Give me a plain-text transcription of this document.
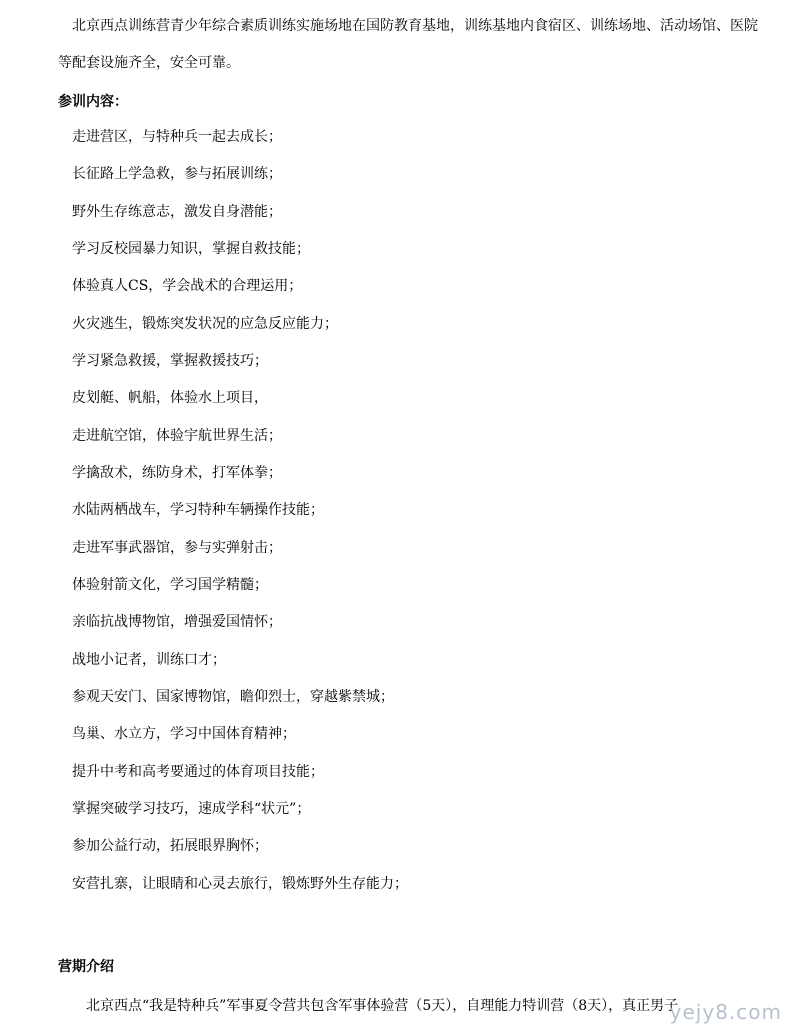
北京西点训练营青少年综合素质训练实施场地在国防教育基地，训练基地内食宿区、训练场地、活动场馆、医院等配套设施齐全，安全可靠。

参训内容：
走进营区，与特种兵一起去成长；
长征路上学急救，参与拓展训练；
野外生存练意志，激发自身潜能；
学习反校园暴力知识，掌握自救技能；
体验真人CS，学会战术的合理运用；
火灾逃生，锻炼突发状况的应急反应能力；
学习紧急救援，掌握救援技巧；
皮划艇、帆船，体验水上项目，
走进航空馆，体验宇航世界生活；
学擒敌术，练防身术，打军体拳；
水陆两栖战车，学习特种车辆操作技能；
走进军事武器馆，参与实弹射击；
体验射箭文化，学习国学精髓；
亲临抗战博物馆，增强爱国情怀；
战地小记者，训练口才；
参观天安门、国家博物馆，瞻仰烈士，穿越紫禁城；
鸟巢、水立方，学习中国体育精神；
提升中考和高考要通过的体育项目技能；
掌握突破学习技巧，速成学科“状元”；
参加公益行动，拓展眼界胸怀；
安营扎寨，让眼睛和心灵去旅行，锻炼野外生存能力；
营期介绍

北京西点“我是特种兵”军事夏令营共包含军事体验营（5天），自理能力特训营（8天），真正男子

yejy8.com
